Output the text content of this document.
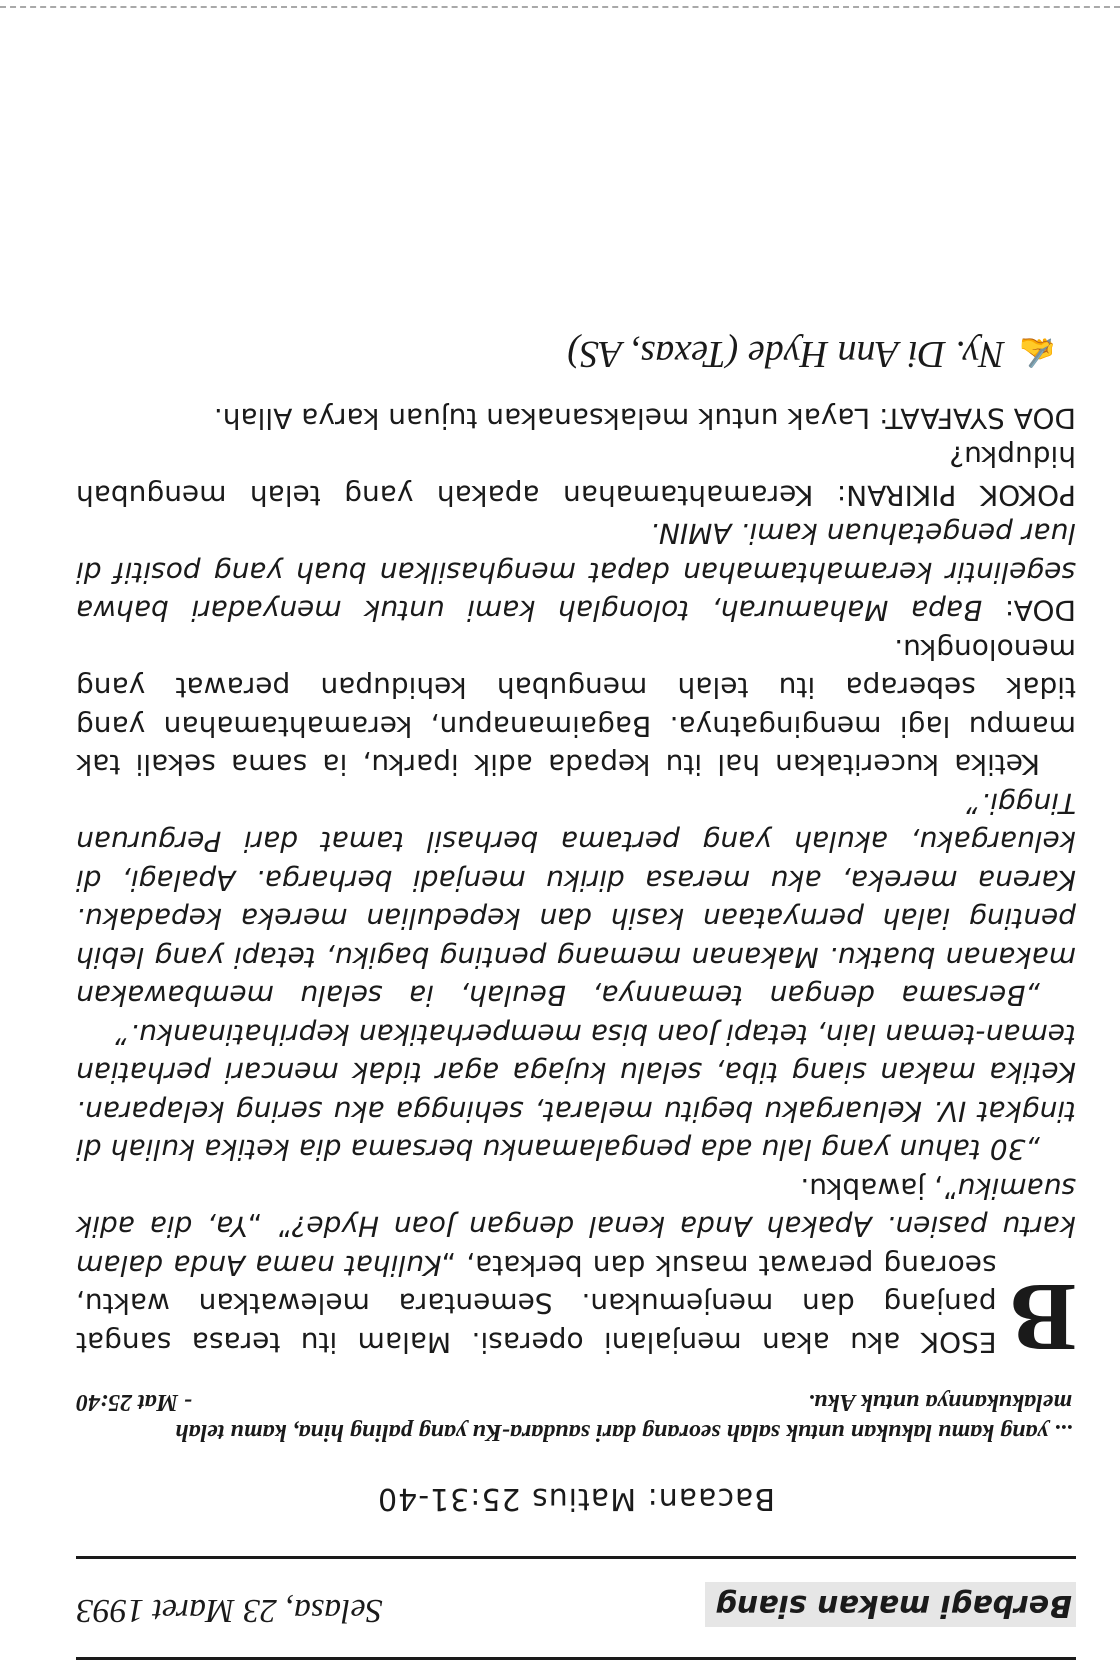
Berbagi makan siang
Selasa, 23 Maret 1993
Bacaan: Matius 25:31-40
... yang kamu lakukan untuk salah seorang dari saudara-Ku yang paling hina, kamu telah melakukannya untuk Aku.
- Mat 25:40

B
ESOK aku akan menjalani operasi. Malam itu terasa sangat panjang dan menjemukan. Sementara melewatkan waktu, seorang perawat masuk dan berkata, „Kulihat nama Anda dalam kartu pasien. Apakah Anda kenal dengan Joan Hyde?” „Ya, dia adik suamiku”, jawabku.

„30 tahun yang lalu ada pengalamanku bersama dia ketika kuliah di tingkat IV. Keluargaku begitu melarat, sehingga aku sering kelaparan. Ketika makan siang tiba, selalu kujaga agar tidak mencari perhatian teman-teman lain, tetapi Joan bisa memperhatikan keprihatinanku.”

„Bersama dengan temannya, Beulah, ia selalu membawakan makanan buatku. Makanan memang penting bagiku, tetapi yang lebih penting ialah pernyataan kasih dan kepedulian mereka kepadaku. Karena mereka, aku merasa diriku menjadi berharga. Apalagi, di keluargaku, akulah yang pertama berhasil tamat dari Perguruan Tinggi.”

Ketika kuceritakan hal itu kepada adik iparku, ia sama sekali tak mampu lagi mengingatnya. Bagaimanapun, keramahtamahan yang tidak seberapa itu telah mengubah kehidupan perawat yang menolongku.

DOA: Bapa Mahamurah, tolonglah kami untuk menyadari bahwa segelintir keramahtamahan dapat menghasilkan buah yang positif di luar pengetahuan kami. AMIN.

POKOK PIKIRAN: Keramahtamahan apakah yang telah mengubah hidupku?

DOA SYAFAAT: Layak untuk melaksanakan tujuan karya Allah.

✍Ny. Di Ann Hyde (Texas, AS)
